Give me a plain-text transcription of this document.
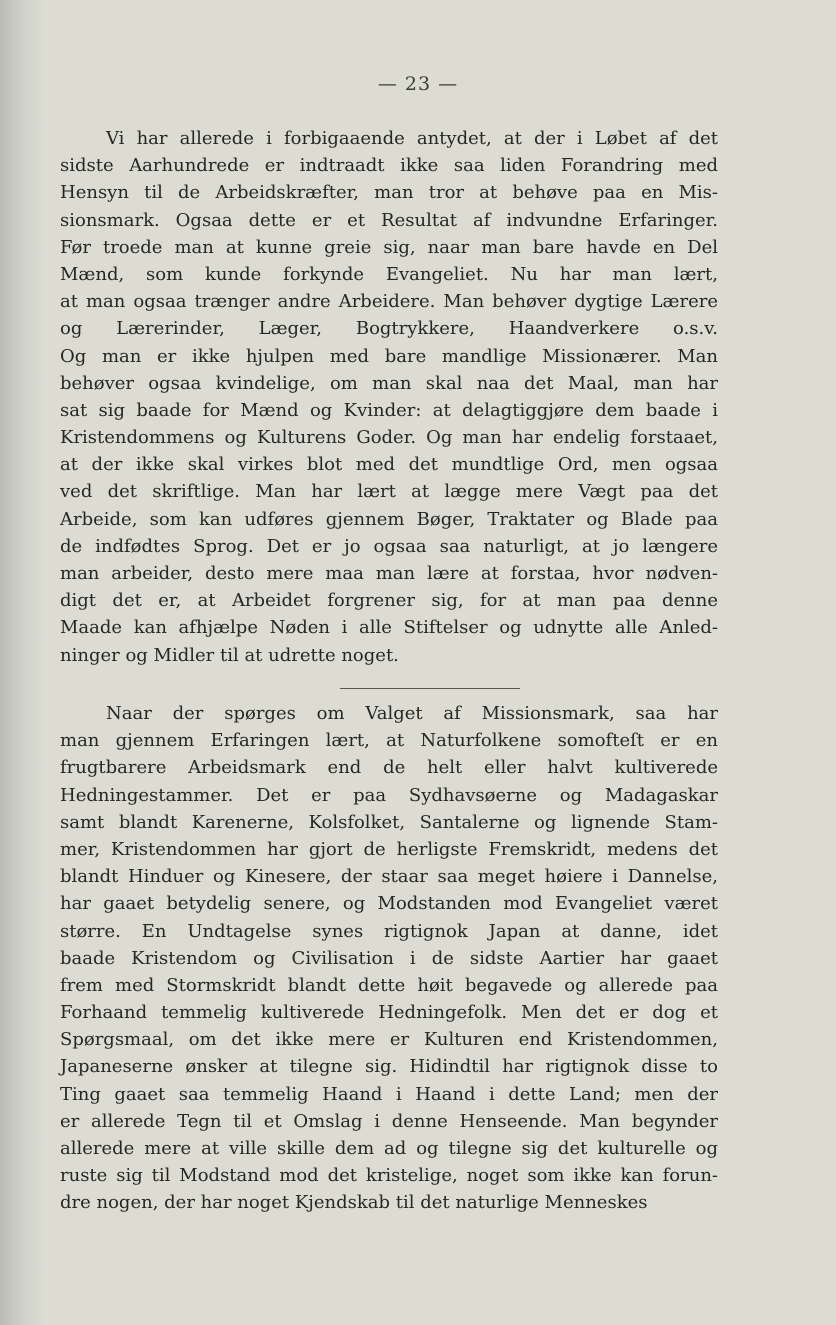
— 23 —
Vi har allerede i forbigaaende antydet, at der i Løbet af det
sidste Aarhundrede er indtraadt ikke saa liden Forandring med
Hensyn til de Arbeidskræfter, man tror at behøve paa en Mis-
sionsmark. Ogsaa dette er et Resultat af indvundne Erfaringer.
Før troede man at kunne greie sig, naar man bare havde en Del
Mænd, som kunde forkynde Evangeliet. Nu har man lært,
at man ogsaa trænger andre Arbeidere. Man behøver dygtige Lærere
og Lærerinder, Læger, Bogtrykkere, Haandverkere o.s.v.
Og man er ikke hjulpen med bare mandlige Missionærer. Man
behøver ogsaa kvindelige, om man skal naa det Maal, man har
sat sig baade for Mænd og Kvinder: at delagtiggjøre dem baade i
Kristendommens og Kulturens Goder. Og man har endelig forstaaet,
at der ikke skal virkes blot med det mundtlige Ord, men ogsaa
ved det skriftlige. Man har lært at lægge mere Vægt paa det
Arbeide, som kan udføres gjennem Bøger, Traktater og Blade paa
de indfødtes Sprog. Det er jo ogsaa saa naturligt, at jo længere
man arbeider, desto mere maa man lære at forstaa, hvor nødven-
digt det er, at Arbeidet forgrener sig, for at man paa denne
Maade kan afhjælpe Nøden i alle Stiftelser og udnytte alle Anled-
ninger og Midler til at udrette noget.
Naar der spørges om Valget af Missionsmark, saa har
man gjennem Erfaringen lært, at Naturfolkene somofteſt er en
frugtbarere Arbeidsmark end de helt eller halvt kultiverede
Hedningestammer. Det er paa Sydhavsøerne og Madagaskar
samt blandt Karenerne, Kolsfolket, Santalerne og lignende Stam-
mer, Kristendommen har gjort de herligste Fremskridt, medens det
blandt Hinduer og Kinesere, der staar saa meget høiere i Dannelse,
har gaaet betydelig senere, og Modstanden mod Evangeliet været
større. En Undtagelse synes rigtignok Japan at danne, idet
baade Kristendom og Civilisation i de sidste Aartier har gaaet
frem med Stormskridt blandt dette høit begavede og allerede paa
Forhaand temmelig kultiverede Hedningefolk. Men det er dog et
Spørgsmaal, om det ikke mere er Kulturen end Kristendommen,
Japaneserne ønsker at tilegne sig. Hidindtil har rigtignok disse to
Ting gaaet saa temmelig Haand i Haand i dette Land; men der
er allerede Tegn til et Omslag i denne Henseende. Man begynder
allerede mere at ville skille dem ad og tilegne sig det kulturelle og
ruste sig til Modstand mod det kristelige, noget som ikke kan forun-
dre nogen, der har noget Kjendskab til det naturlige Menneskes
